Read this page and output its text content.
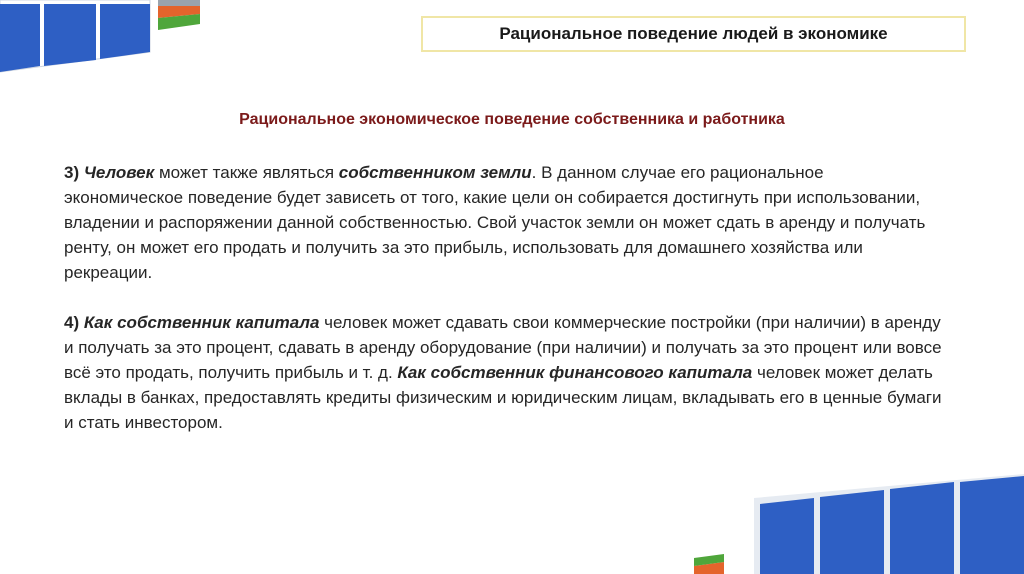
Рациональное поведение людей в экономике
Рациональное экономическое поведение собственника и работника

3) Человек может также являться собственником земли. В данном случае его рациональное экономическое поведение будет зависеть от того, какие цели он собирается достигнуть при использовании, владении и распоряжении данной собственностью. Свой участок земли он может сдать в аренду и получать ренту, он может его продать и получить за это прибыль, использовать для домашнего хозяйства или рекреации.

4) Как собственник капитала человек может сдавать свои коммерческие постройки (при наличии) в аренду и получать за это процент, сдавать в аренду оборудование (при наличии) и получать за это процент или вовсе всё это продать, получить прибыль и т. д. Как собственник финансового капитала человек может делать вклады в банках, предоставлять кредиты физическим и юридическим лицам, вкладывать его в ценные бумаги и стать инвестором.
